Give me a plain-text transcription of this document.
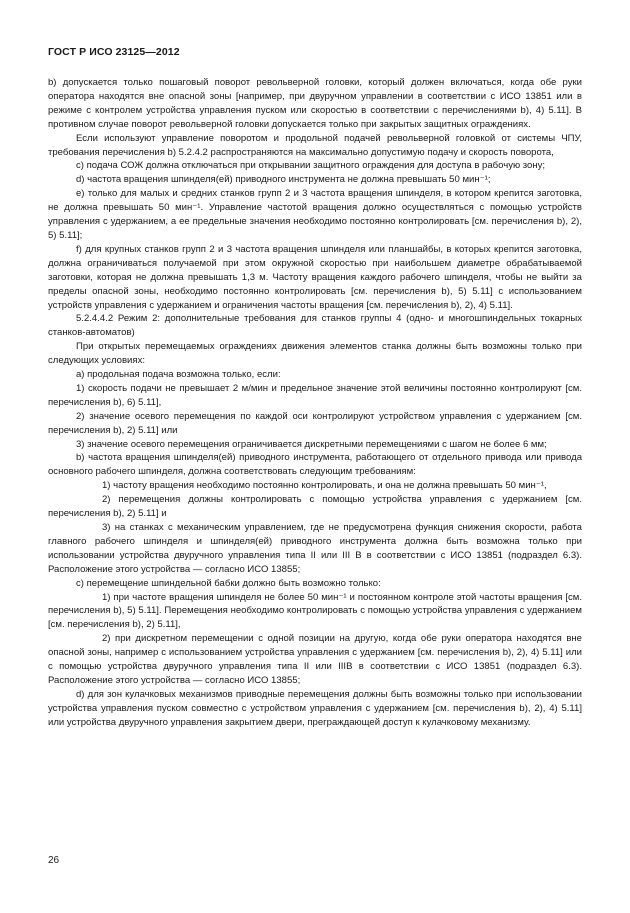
ГОСТ Р ИСО 23125—2012

b) допускается только пошаговый поворот револьверной головки, который должен включаться, когда обе руки оператора находятся вне опасной зоны [например, при двуручном управлении в соответствии с ИСО 13851 или в режиме с контролем устройства управления пуском или скоростью в соответствии с перечислениями b), 4) 5.11]. В противном случае поворот револьверной головки допускается только при закрытых защитных ограждениях.

Если используют управление поворотом и продольной подачей револьверной головкой от системы ЧПУ, требования перечисления b) 5.2.4.2 распространяются на максимально допустимую подачу и скорость поворота,

c) подача СОЖ должна отключаться при открывании защитного ограждения для доступа в рабочую зону;

d) частота вращения шпинделя(ей) приводного инструмента не должна превышать 50 мин⁻¹;

e) только для малых и средних станков групп 2 и 3 частота вращения шпинделя, в котором крепится заготовка, не должна превышать 50 мин⁻¹. Управление частотой вращения должно осуществляться с помощью устройств управления с удержанием, а ее предельные значения необходимо постоянно контролировать [см. перечисления b), 2), 5) 5.11];

f) для крупных станков групп 2 и 3 частота вращения шпинделя или планшайбы, в которых крепится заготовка, должна ограничиваться получаемой при этом окружной скоростью при наибольшем диаметре обрабатываемой заготовки, которая не должна превышать 1,3 м. Частоту вращения каждого рабочего шпинделя, чтобы не выйти за пределы опасной зоны, необходимо постоянно контролировать [см. перечисления b), 5) 5.11] с использованием устройств управления с удержанием и ограничения частоты вращения [см. перечисления b), 2), 4) 5.11].

5.2.4.4.2 Режим 2: дополнительные требования для станков группы 4 (одно- и многошпиндельных токарных станков-автоматов)

При открытых перемещаемых ограждениях движения элементов станка должны быть возможны только при следующих условиях:

a) продольная подача возможна только, если:

1) скорость подачи не превышает 2 м/мин и предельное значение этой величины постоянно контролируют [см. перечисления b), 6) 5.11],

2) значение осевого перемещения по каждой оси контролируют устройством управления с удержанием [см. перечисления b), 2) 5.11] или

3) значение осевого перемещения ограничивается дискретными перемещениями с шагом не более 6 мм;

b) частота вращения шпинделя(ей) приводного инструмента, работающего от отдельного привода или привода основного рабочего шпинделя, должна соответствовать следующим требованиям:

1) частоту вращения необходимо постоянно контролировать, и она не должна превышать 50 мин⁻¹,

2) перемещения должны контролировать с помощью устройства управления с удержанием [см. перечисления b), 2) 5.11] и

3) на станках с механическим управлением, где не предусмотрена функция снижения скорости, работа главного рабочего шпинделя и шпинделя(ей) приводного инструмента должна быть возможна только при использовании устройства двуручного управления типа II или III B в соответствии с ИСО 13851 (подраздел 6.3). Расположение этого устройства — согласно ИСО 13855;

c) перемещение шпиндельной бабки должно быть возможно только:

1) при частоте вращения шпинделя не более 50 мин⁻¹ и постоянном контроле этой частоты вращения [см. перечисления b), 5) 5.11]. Перемещения необходимо контролировать с помощью устройства управления с удержанием [см. перечисления b), 2) 5.11],

2) при дискретном перемещении с одной позиции на другую, когда обе руки оператора находятся вне опасной зоны, например с использованием устройства управления с удержанием [см. перечисления b), 2), 4) 5.11] или с помощью устройства двуручного управления типа II или IIIB в соответствии с ИСО 13851 (подраздел 6.3). Расположение этого устройства — согласно ИСО 13855;

d) для зон кулачковых механизмов приводные перемещения должны быть возможны только при использовании устройства управления пуском совместно с устройством управления с удержанием [см. перечисления b), 2), 4) 5.11] или устройства двуручного управления закрытием двери, преграждающей доступ к кулачковому механизму.

26
